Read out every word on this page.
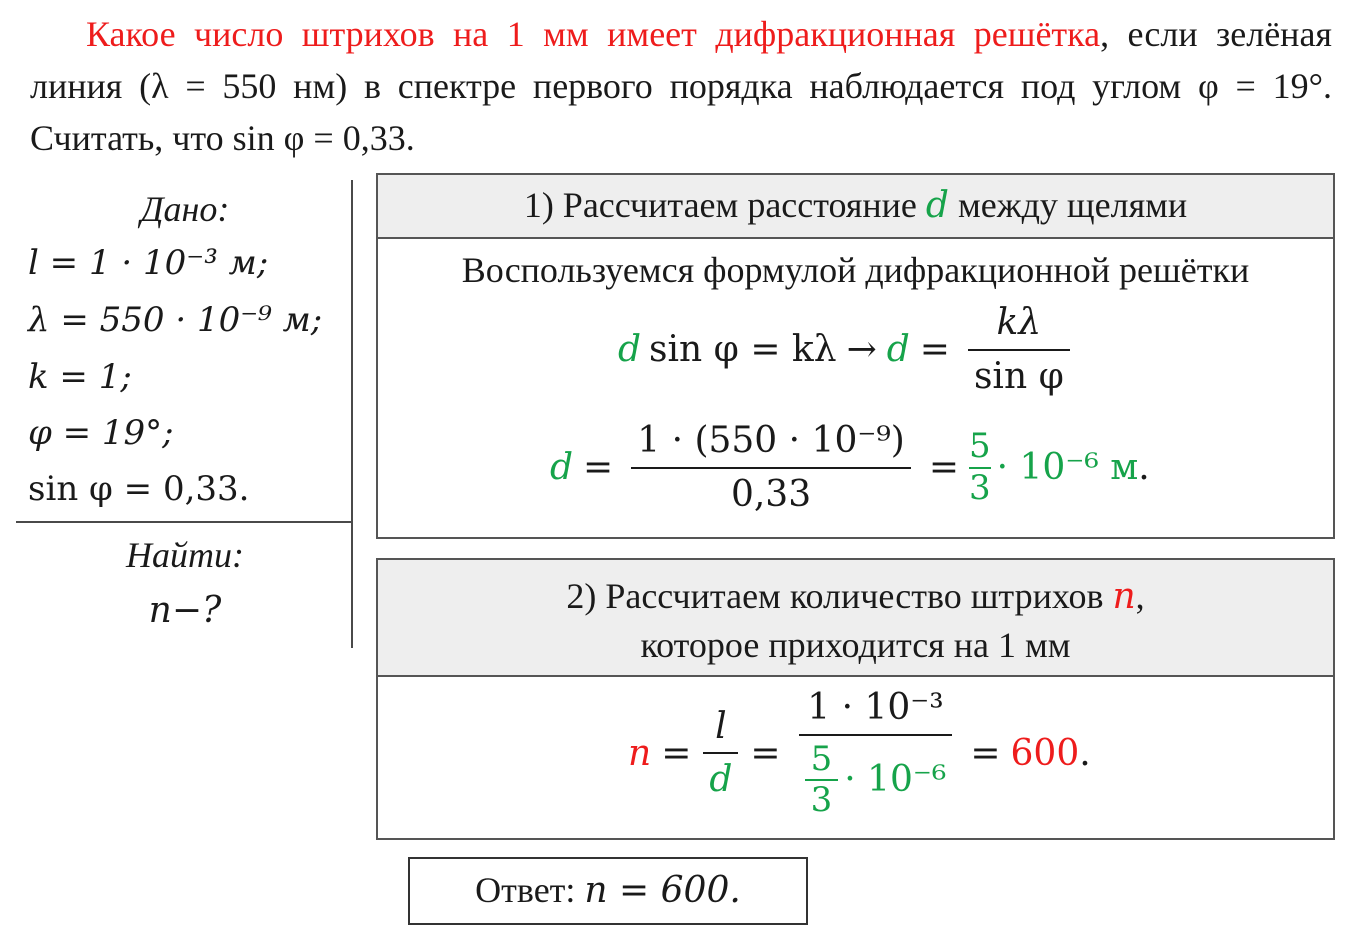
Какое число штрихов на 1 мм имеет дифракционная решётка, если зелёная линия (λ = 550 нм) в спектре первого порядка наблюдается под углом φ = 19°. Считать, что sin φ = 0,33.
Дано:
l = 1 · 10⁻³ м;
λ = 550 · 10⁻⁹ м;
k = 1;
φ = 19°;
sin φ = 0,33.
Найти:
n−?
1) Рассчитаем расстояние d между щелями
Воспользуемся формулой дифракционной решётки
d $\sin \varphi = k\lambda \to d = \frac{k\lambda}{\text{sin φ}}$
$d = \frac{\text{1 · (550 · 10⁻⁹)}}{0,33} = \frac{5}{3} \cdot 10^{-6}$ м .
2) Рассчитаем количество штрихов n,
которое приходится на 1 мм
$n = \frac{l}{d} = \frac{\text{1 · 10⁻³}}{\frac{5}{3} \cdot 10^{-6}} = 600$ .
Ответ: n = 600.
